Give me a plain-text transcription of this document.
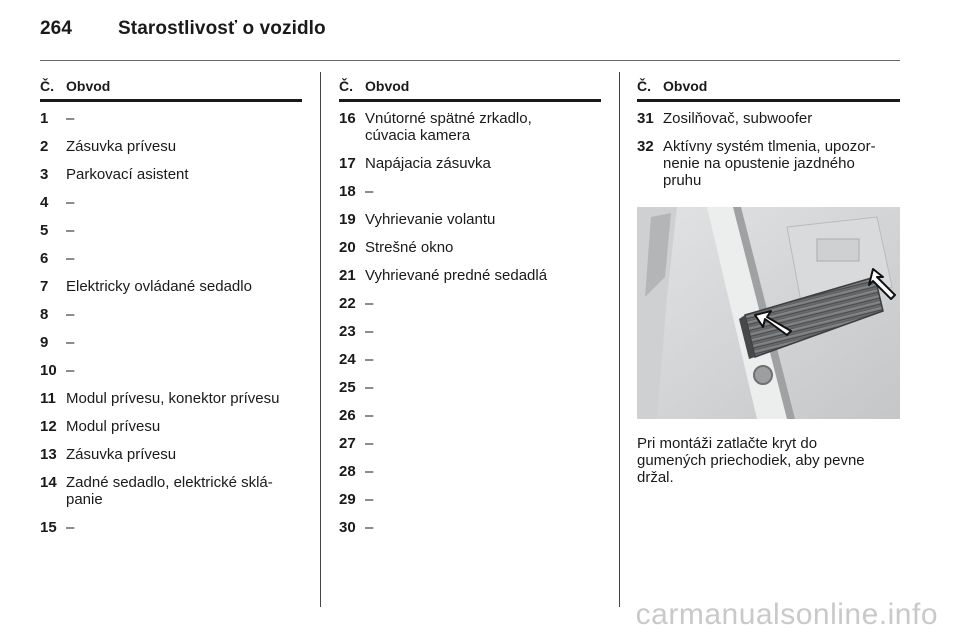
264 Starostlivosť o vozidlo
Č. Obvod
1	–
2	Zásuvka prívesu
3	Parkovací asistent
4	–
5	–
6	–
7	Elektricky ovládané sedadlo
8	–
9	–
10 –
11 Modul prívesu, konektor prívesu
12 Modul prívesu
13 Zásuvka prívesu
14 Zadné sedadlo, elektrické sklá-
panie
15 –
Č. Obvod
16 Vnútorné spätné zrkadlo,
cúvacia kamera
17 Napájacia zásuvka
18 –
19 Vyhrievanie volantu
20 Strešné okno
21 Vyhrievané predné sedadlá
22 –
23 –
24 –
25 –
26 –
27 –
28 –
29 –
30 –
Č. Obvod
31 Zosilňovač, subwoofer
32 Aktívny systém tlmenia, upozor-
nenie na opustenie jazdného
pruhu
Pri montáži zatlačte kryt do
gumených priechodiek, aby pevne
držal.
carmanualsonline.info
